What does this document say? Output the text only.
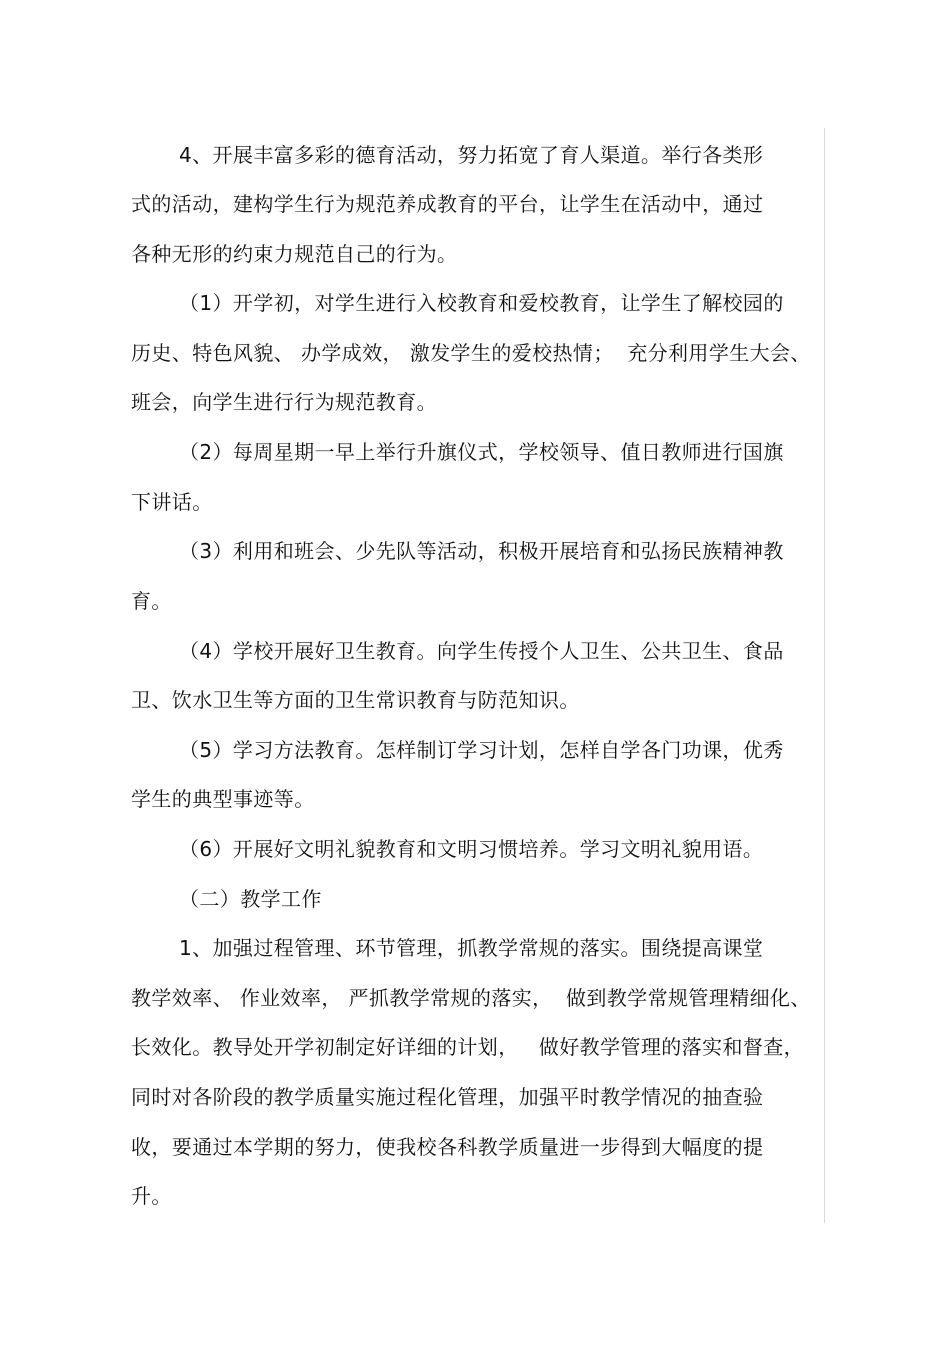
4、开展丰富多彩的德育活动，努力拓宽了育人渠道。举行各类形
式的活动，建构学生行为规范养成教育的平台，让学生在活动中，通过
各种无形的约束力规范自己的行为。
（1）开学初，对学生进行入校教育和爱校教育，让学生了解校园的
历史、特色风貌、 办学成效， 激发学生的爱校热情；  充分利用学生大会、
班会，向学生进行行为规范教育。
（2）每周星期一早上举行升旗仪式，学校领导、值日教师进行国旗
下讲话。
（3）利用和班会、少先队等活动，积极开展培育和弘扬民族精神教
育。
（4）学校开展好卫生教育。向学生传授个人卫生、公共卫生、食品
卫、饮水卫生等方面的卫生常识教育与防范知识。
（5）学习方法教育。怎样制订学习计划，怎样自学各门功课，优秀
学生的典型事迹等。
（6）开展好文明礼貌教育和文明习惯培养。学习文明礼貌用语。
（二）教学工作
1、加强过程管理、环节管理，抓教学常规的落实。围绕提高课堂
教学效率、 作业效率， 严抓教学常规的落实，  做到教学常规管理精细化、
长效化。教导处开学初制定好详细的计划，   做好教学管理的落实和督查，
同时对各阶段的教学质量实施过程化管理，加强平时教学情况的抽查验
收，要通过本学期的努力，使我校各科教学质量进一步得到大幅度的提
升。
